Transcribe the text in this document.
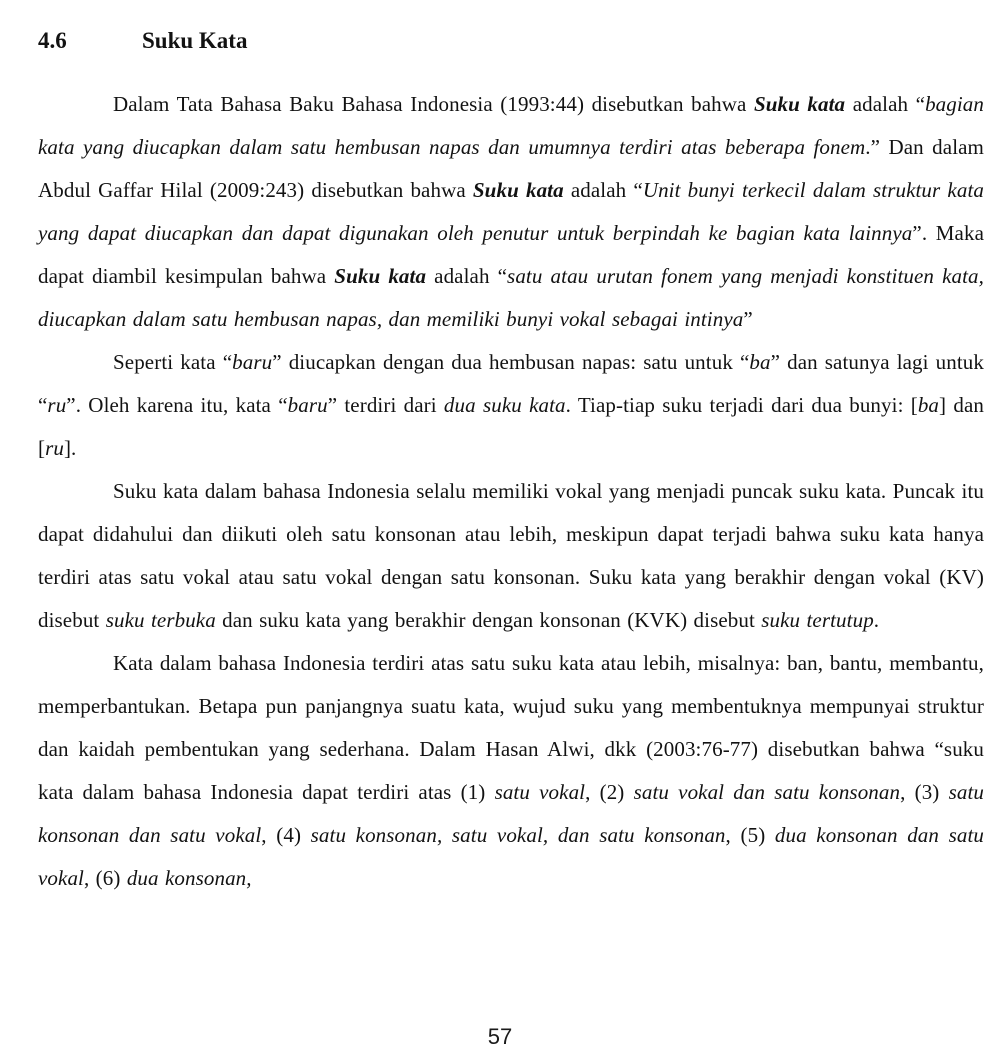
4.6	Suku Kata

Dalam Tata Bahasa Baku Bahasa Indonesia (1993:44) disebutkan bahwa Suku kata adalah “bagian kata yang diucapkan dalam satu hembusan napas dan umumnya terdiri atas beberapa fonem.” Dan dalam Abdul Gaffar Hilal (2009:243) disebutkan bahwa Suku kata adalah “Unit bunyi terkecil dalam struktur kata yang dapat diucapkan dan dapat digunakan oleh penutur untuk berpindah ke bagian kata lainnya”. Maka dapat diambil kesimpulan bahwa Suku kata adalah “satu atau urutan fonem yang menjadi konstituen kata, diucapkan dalam satu hembusan napas, dan memiliki bunyi vokal sebagai intinya”

Seperti kata “baru” diucapkan dengan dua hembusan napas: satu untuk “ba” dan satunya lagi untuk “ru”. Oleh karena itu, kata “baru” terdiri dari dua suku kata. Tiap-tiap suku terjadi dari dua bunyi: [ba] dan [ru].

Suku kata dalam bahasa Indonesia selalu memiliki vokal yang menjadi puncak suku kata. Puncak itu dapat didahului dan diikuti oleh satu konsonan atau lebih, meskipun dapat terjadi bahwa suku kata hanya terdiri atas satu vokal atau satu vokal dengan satu konsonan. Suku kata yang berakhir dengan vokal (KV) disebut suku terbuka dan suku kata yang berakhir dengan konsonan (KVK) disebut suku tertutup.

Kata dalam bahasa Indonesia terdiri atas satu suku kata atau lebih, misalnya: ban, bantu, membantu, memperbantukan. Betapa pun panjangnya suatu kata, wujud suku yang membentuknya mempunyai struktur dan kaidah pembentukan yang sederhana. Dalam Hasan Alwi, dkk (2003:76-77) disebutkan bahwa “suku kata dalam bahasa Indonesia dapat terdiri atas (1) satu vokal, (2) satu vokal dan satu konsonan, (3) satu konsonan dan satu vokal, (4) satu konsonan, satu vokal, dan satu konsonan, (5) dua konsonan dan satu vokal, (6) dua konsonan,

57
